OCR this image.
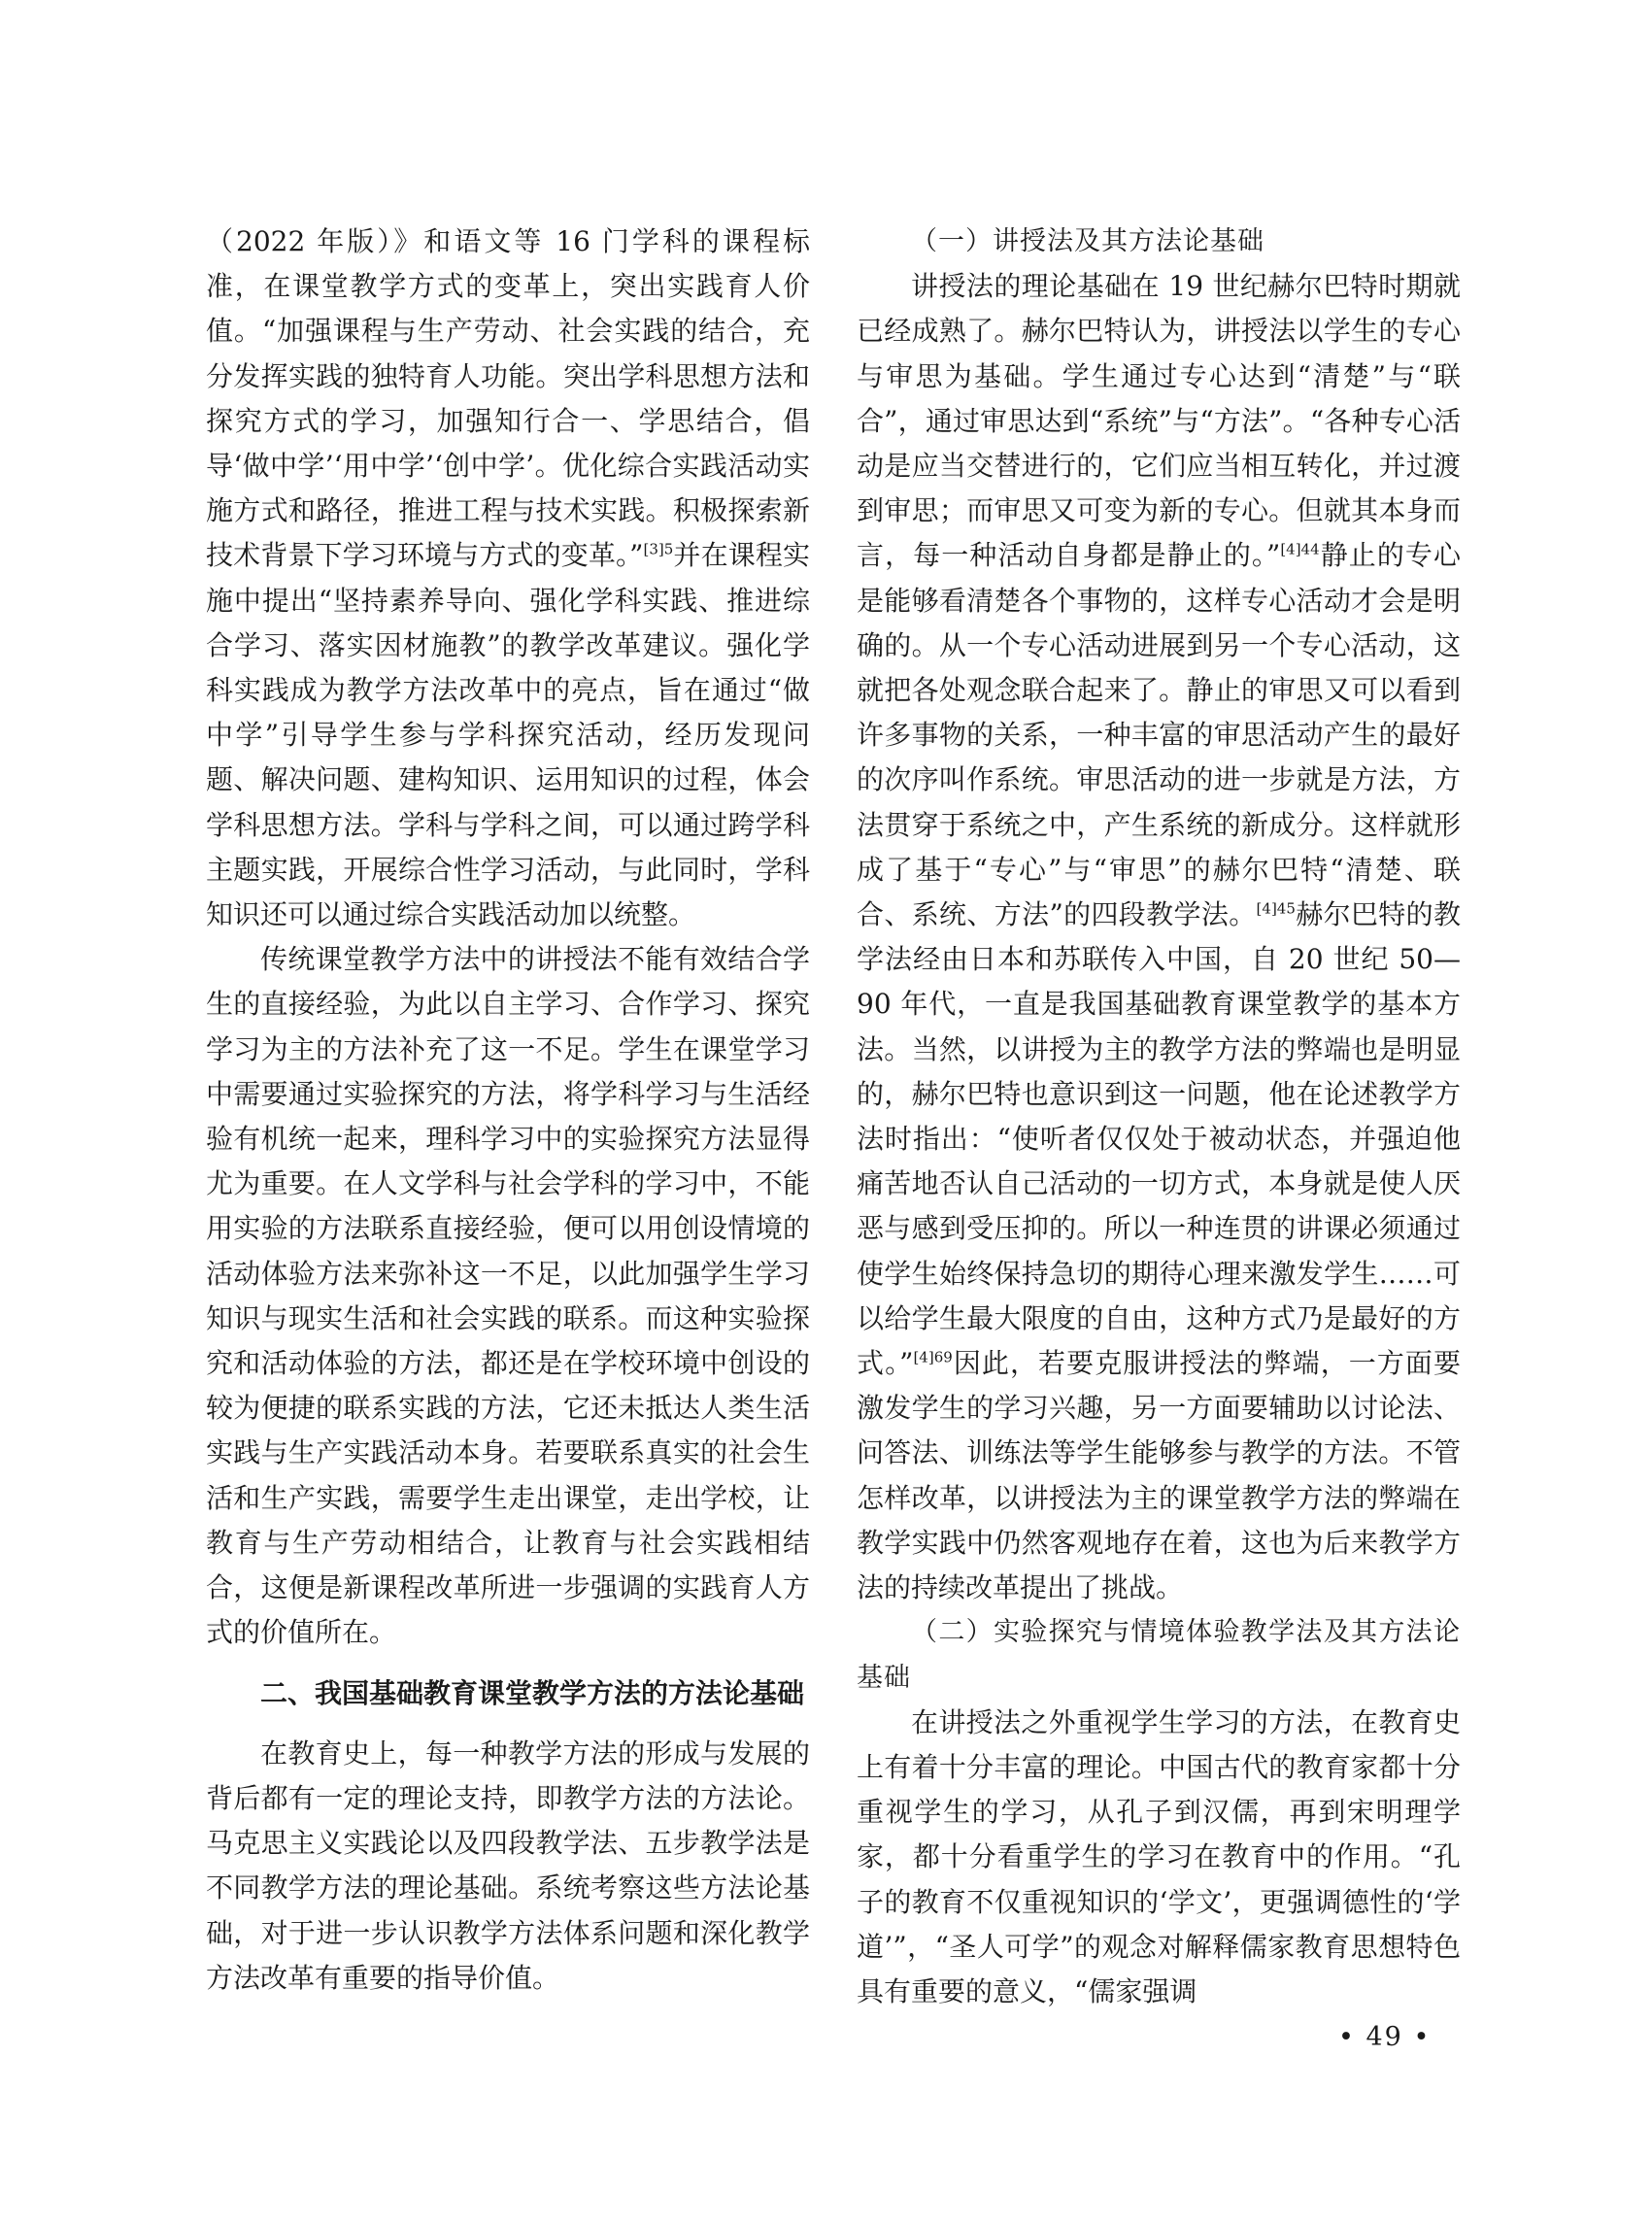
（2022 年版）》和语文等 16 门学科的课程标准，在课堂教学方式的变革上，突出实践育人价值。“加强课程与生产劳动、社会实践的结合，充分发挥实践的独特育人功能。突出学科思想方法和探究方式的学习，加强知行合一、学思结合，倡导‘做中学’‘用中学’‘创中学’。优化综合实践活动实施方式和路径，推进工程与技术实践。积极探索新技术背景下学习环境与方式的变革。”$^{[3]5}$并在课程实施中提出“坚持素养导向、强化学科实践、推进综合学习、落实因材施教”的教学改革建议。强化学科实践成为教学方法改革中的亮点，旨在通过“做中学”引导学生参与学科探究活动，经历发现问题、解决问题、建构知识、运用知识的过程，体会学科思想方法。学科与学科之间，可以通过跨学科主题实践，开展综合性学习活动，与此同时，学科知识还可以通过综合实践活动加以统整。

传统课堂教学方法中的讲授法不能有效结合学生的直接经验，为此以自主学习、合作学习、探究学习为主的方法补充了这一不足。学生在课堂学习中需要通过实验探究的方法，将学科学习与生活经验有机统一起来，理科学习中的实验探究方法显得尤为重要。在人文学科与社会学科的学习中，不能用实验的方法联系直接经验，便可以用创设情境的活动体验方法来弥补这一不足，以此加强学生学习知识与现实生活和社会实践的联系。而这种实验探究和活动体验的方法，都还是在学校环境中创设的较为便捷的联系实践的方法，它还未抵达人类生活实践与生产实践活动本身。若要联系真实的社会生活和生产实践，需要学生走出课堂，走出学校，让教育与生产劳动相结合，让教育与社会实践相结合，这便是新课程改革所进一步强调的实践育人方式的价值所在。

二、我国基础教育课堂教学方法的方法论基础

在教育史上，每一种教学方法的形成与发展的背后都有一定的理论支持，即教学方法的方法论。马克思主义实践论以及四段教学法、五步教学法是不同教学方法的理论基础。系统考察这些方法论基础，对于进一步认识教学方法体系问题和深化教学方法改革有重要的指导价值。

（一）讲授法及其方法论基础

讲授法的理论基础在 19 世纪赫尔巴特时期就已经成熟了。赫尔巴特认为，讲授法以学生的专心与审思为基础。学生通过专心达到“清楚”与“联合”，通过审思达到“系统”与“方法”。“各种专心活动是应当交替进行的，它们应当相互转化，并过渡到审思；而审思又可变为新的专心。但就其本身而言，每一种活动自身都是静止的。”$^{[4]44}$静止的专心是能够看清楚各个事物的，这样专心活动才会是明确的。从一个专心活动进展到另一个专心活动，这就把各处观念联合起来了。静止的审思又可以看到许多事物的关系，一种丰富的审思活动产生的最好的次序叫作系统。审思活动的进一步就是方法，方法贯穿于系统之中，产生系统的新成分。这样就形成了基于“专心”与“审思”的赫尔巴特“清楚、联合、系统、方法”的四段教学法。$^{[4]45}$赫尔巴特的教学法经由日本和苏联传入中国，自 20 世纪 50—90 年代，一直是我国基础教育课堂教学的基本方法。当然，以讲授为主的教学方法的弊端也是明显的，赫尔巴特也意识到这一问题，他在论述教学方法时指出：“使听者仅仅处于被动状态，并强迫他痛苦地否认自己活动的一切方式，本身就是使人厌恶与感到受压抑的。所以一种连贯的讲课必须通过使学生始终保持急切的期待心理来激发学生……可以给学生最大限度的自由，这种方式乃是最好的方式。”$^{[4]69}$因此，若要克服讲授法的弊端，一方面要激发学生的学习兴趣，另一方面要辅助以讨论法、问答法、训练法等学生能够参与教学的方法。不管怎样改革，以讲授法为主的课堂教学方法的弊端在教学实践中仍然客观地存在着，这也为后来教学方法的持续改革提出了挑战。

（二）实验探究与情境体验教学法及其方法论基础

在讲授法之外重视学生学习的方法，在教育史上有着十分丰富的理论。中国古代的教育家都十分重视学生的学习，从孔子到汉儒，再到宋明理学家，都十分看重学生的学习在教育中的作用。“孔子的教育不仅重视知识的‘学文’，更强调德性的‘学道’”，“圣人可学”的观念对解释儒家教育思想特色具有重要的意义，“儒家强调

• 49 •
